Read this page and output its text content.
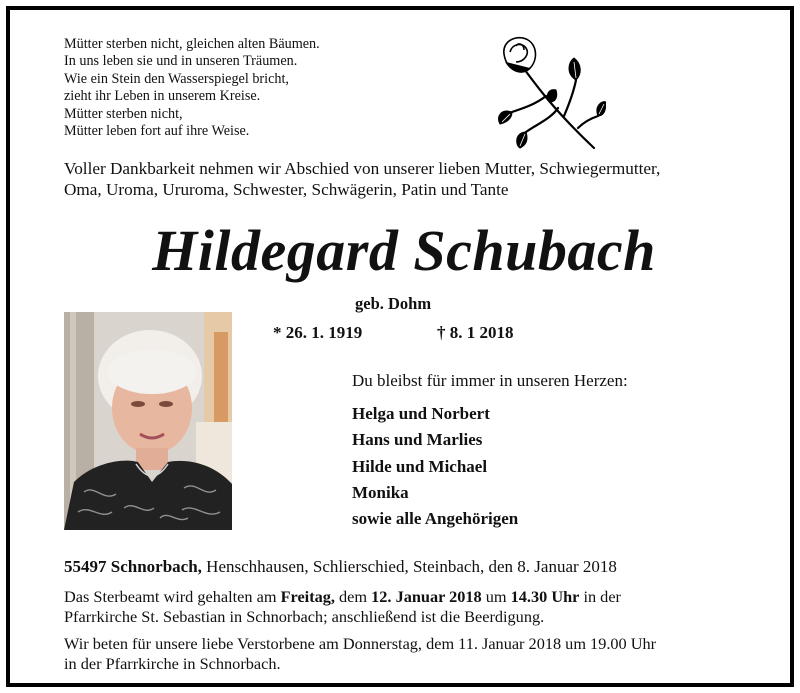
Mütter sterben nicht, gleichen alten Bäumen.
In uns leben sie und in unseren Träumen.
Wie ein Stein den Wasserspiegel bricht,
zieht ihr Leben in unserem Kreise.
Mütter sterben nicht,
Mütter leben fort auf ihre Weise.
Voller Dankbarkeit nehmen wir Abschied von unserer lieben Mutter, Schwiegermutter,
Oma, Uroma, Ururoma, Schwester, Schwägerin, Patin und Tante
Hildegard Schubach
geb. Dohm
* 26. 1. 1919	† 8. 1 2018
Du bleibst für immer in unseren Herzen:
Helga und Norbert
Hans und Marlies
Hilde und Michael
Monika
sowie alle Angehörigen
55497 Schnorbach, Henschhausen, Schlierschied, Steinbach, den 8. Januar 2018
Das Sterbeamt wird gehalten am Freitag, dem 12. Januar 2018 um 14.30 Uhr in der
Pfarrkirche St. Sebastian in Schnorbach; anschließend ist die Beerdigung.
Wir beten für unsere liebe Verstorbene am Donnerstag, dem 11. Januar 2018 um 19.00 Uhr
in der Pfarrkirche in Schnorbach.
